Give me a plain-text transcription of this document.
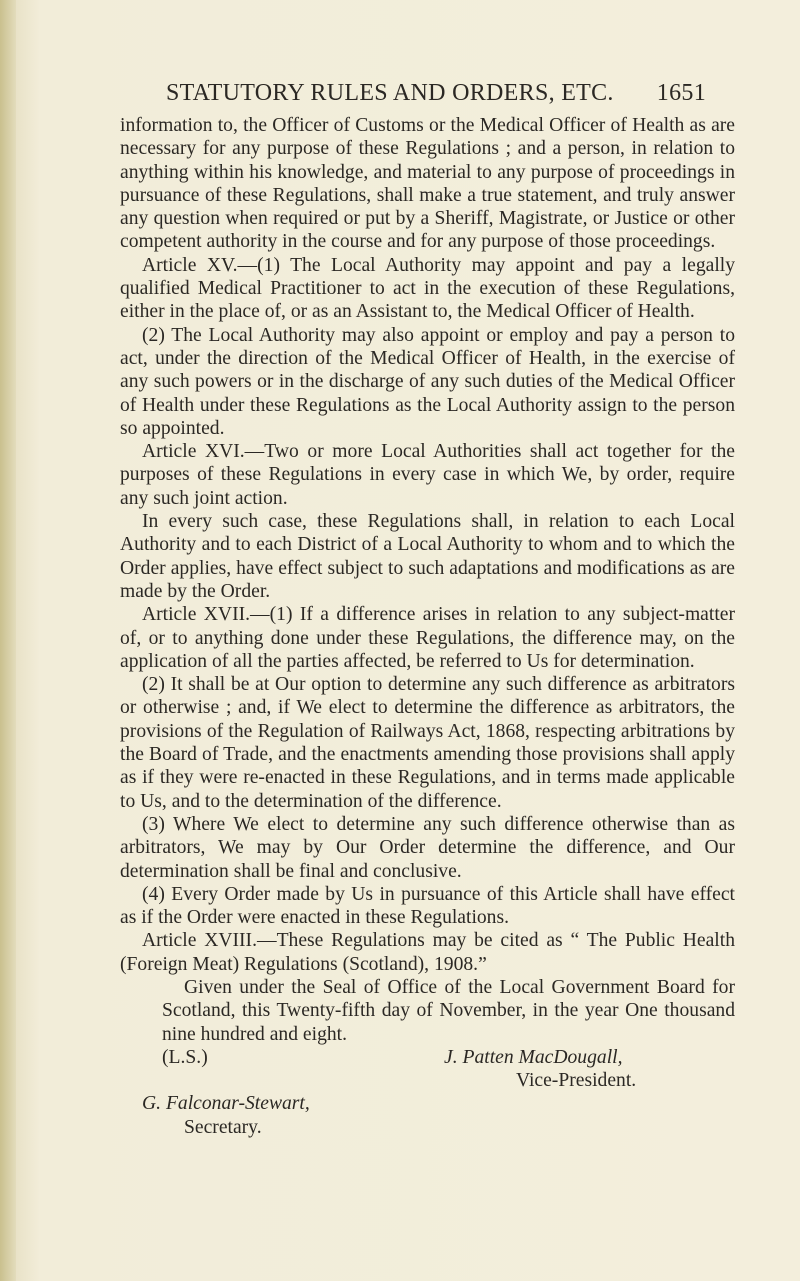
STATUTORY RULES AND ORDERS, ETC. 1651

information to, the Officer of Customs or the Medical Officer of Health as are necessary for any purpose of these Regulations ; and a person, in relation to anything within his knowledge, and material to any purpose of proceedings in pursuance of these Regulations, shall make a true statement, and truly answer any question when required or put by a Sheriff, Magistrate, or Justice or other competent authority in the course and for any purpose of those proceedings.

Article XV.—(1) The Local Authority may appoint and pay a legally qualified Medical Practitioner to act in the execution of these Regulations, either in the place of, or as an Assistant to, the Medical Officer of Health.

(2) The Local Authority may also appoint or employ and pay a person to act, under the direction of the Medical Officer of Health, in the exercise of any such powers or in the discharge of any such duties of the Medical Officer of Health under these Regulations as the Local Authority assign to the person so appointed.

Article XVI.—Two or more Local Authorities shall act together for the purposes of these Regulations in every case in which We, by order, require any such joint action.

In every such case, these Regulations shall, in relation to each Local Authority and to each District of a Local Authority to whom and to which the Order applies, have effect subject to such adaptations and modifications as are made by the Order.

Article XVII.—(1) If a difference arises in relation to any subject-matter of, or to anything done under these Regulations, the difference may, on the application of all the parties affected, be referred to Us for determination.

(2) It shall be at Our option to determine any such difference as arbitrators or otherwise ; and, if We elect to determine the difference as arbitrators, the provisions of the Regulation of Railways Act, 1868, respecting arbitrations by the Board of Trade, and the enactments amending those provisions shall apply as if they were re-enacted in these Regulations, and in terms made applicable to Us, and to the determination of the difference.

(3) Where We elect to determine any such difference otherwise than as arbitrators, We may by Our Order determine the difference, and Our determination shall be final and conclusive.

(4) Every Order made by Us in pursuance of this Article shall have effect as if the Order were enacted in these Regulations.

Article XVIII.—These Regulations may be cited as “ The Public Health (Foreign Meat) Regulations (Scotland), 1908.”

Given under the Seal of Office of the Local Government Board for Scotland, this Twenty-fifth day of November, in the year One thousand nine hundred and eight.

(L.S.)	J. Patten MacDougall,

Vice-President.

G. Falconar-Stewart,

Secretary.
